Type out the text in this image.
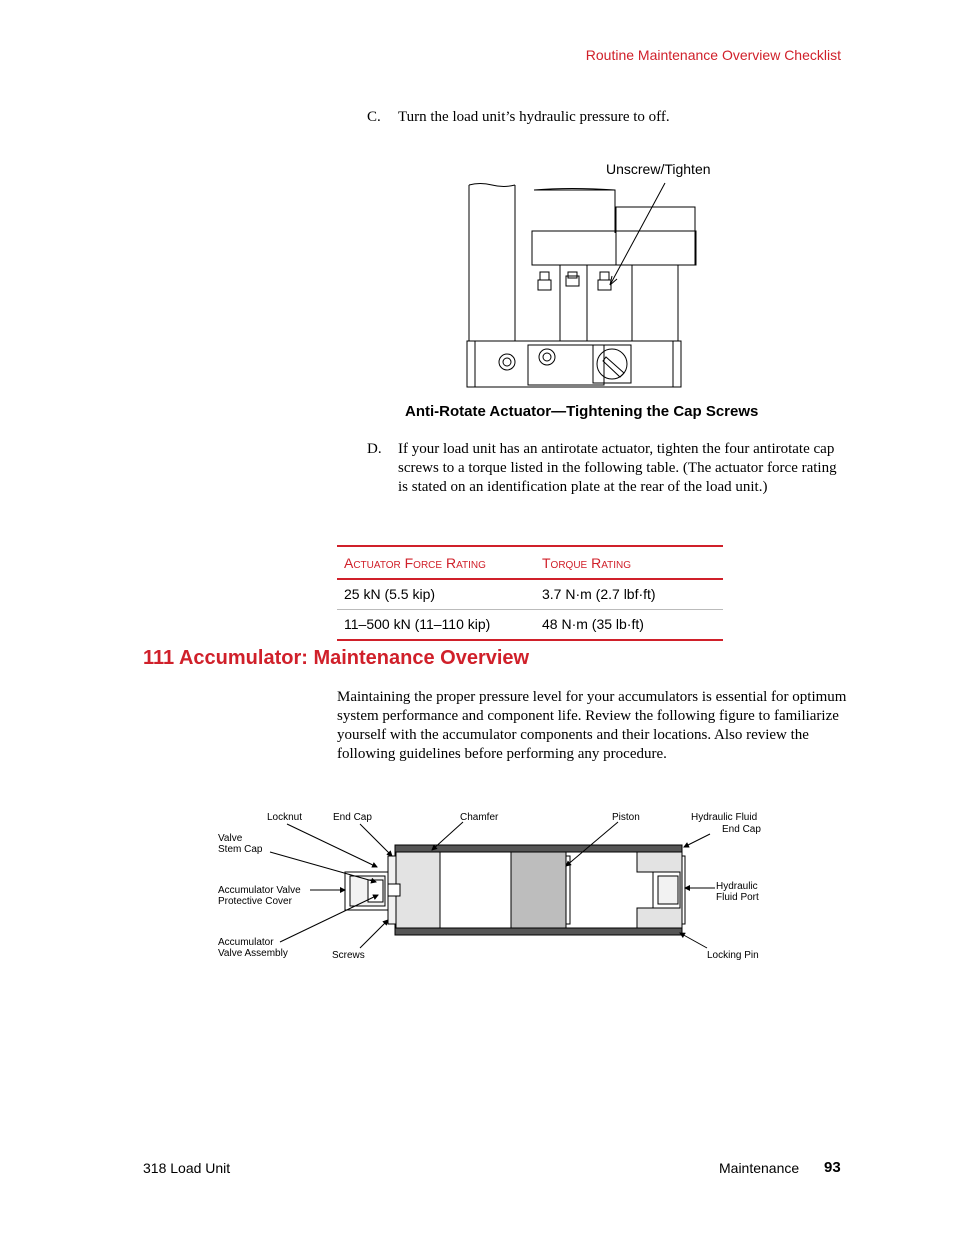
Routine Maintenance Overview Checklist
C. Turn the load unit’s hydraulic pressure to off.
Unscrew/Tighten
Anti-Rotate Actuator—Tightening the Cap Screws
D. If your load unit has an antirotate actuator, tighten the four antirotate cap screws to a torque listed in the following table. (The actuator force rating is stated on an identification plate at the rear of the load unit.)
Actuator Force Rating	Torque Rating
25 kN (5.5 kip)	3.7 N·m (2.7 lbf·ft)
11–500 kN (11–110 kip)	48 N·m (35 lb·ft)
111 Accumulator: Maintenance Overview
Maintaining the proper pressure level for your accumulators is essential for optimum system performance and component life. Review the following figure to familiarize yourself with the accumulator components and their locations. Also review the following guidelines before performing any procedure.
Locknut	End Cap	Chamfer	Piston	Hydraulic Fluid
End Cap
Valve
Stem Cap
Accumulator Valve
Protective Cover
Hydraulic
Fluid Port
Accumulator
Valve Assembly	Screws	Locking Pin
318 Load Unit	Maintenance 93
